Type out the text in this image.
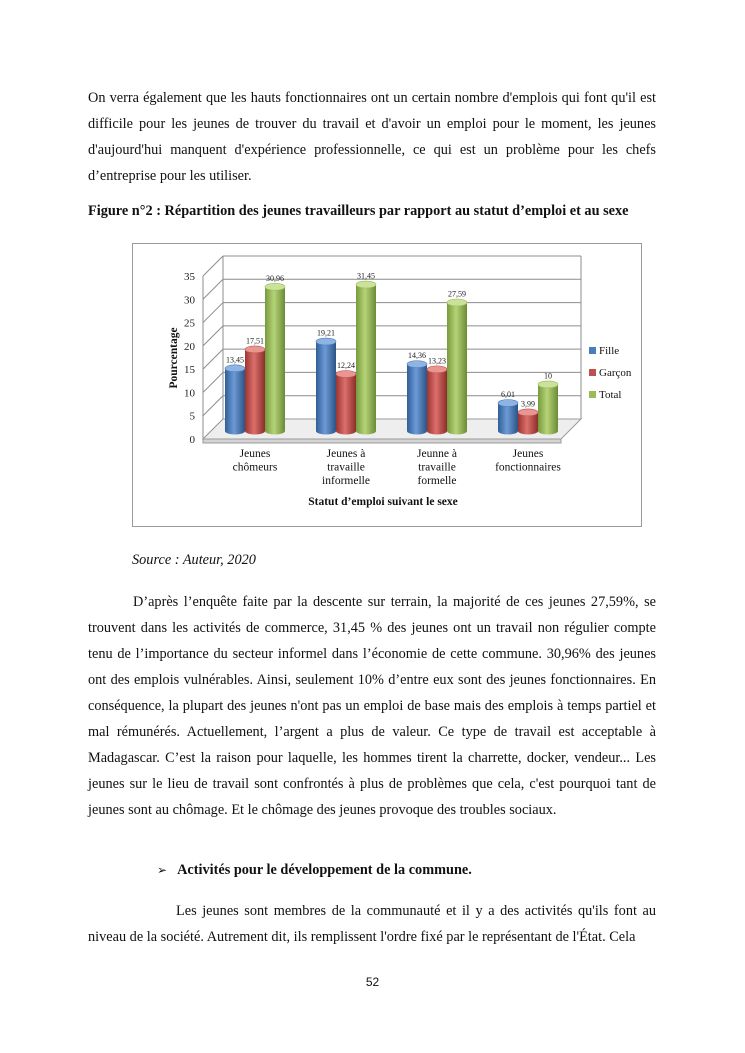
On verra également que les hauts fonctionnaires ont un certain nombre d'emplois qui font qu'il est difficile pour les jeunes de trouver du travail et d'avoir un emploi pour le moment, les jeunes d'aujourd'hui manquent d'expérience professionnelle, ce qui est un problème pour les chefs d’entreprise pour les utiliser.

Figure n°2 : Répartition des jeunes travailleurs par rapport au statut d’emploi et au sexe

13,45
17,51
30,96
19,21
12,24
31,45
14,36
13,23
27,59
6,01
3,99
10
0
5
10
15
20
25
30
35
Jeunes chômeurs
Jeunes à travaille informelle
Jeunne à travaille formelle
Jeunes fonctionnaires
Pourcentage
Statut d’emploi suivant le sexe
Fille
Garçon
Total

Source : Auteur, 2020

D’après l’enquête faite par la descente sur terrain, la majorité de ces jeunes 27,59%, se trouvent dans les activités de commerce, 31,45 % des jeunes ont un travail non régulier compte tenu de l’importance du secteur informel dans l’économie de cette commune. 30,96% des jeunes ont des emplois vulnérables. Ainsi, seulement 10% d’entre eux sont des jeunes fonctionnaires. En conséquence, la plupart des jeunes n'ont pas un emploi de base mais des emplois à temps partiel et mal rémunérés. Actuellement, l’argent a plus de valeur. Ce type de travail est acceptable à Madagascar. C’est la raison pour laquelle, les hommes tirent la charrette, docker, vendeur... Les jeunes sur le lieu de travail sont confrontés à plus de problèmes que cela, c'est pourquoi tant de jeunes sont au chômage. Et le chômage des jeunes provoque des troubles sociaux.

➢ Activités pour le développement de la commune.

Les jeunes sont membres de la communauté et il y a des activités qu'ils font au niveau de la société. Autrement dit, ils remplissent l'ordre fixé par le représentant de l'État. Cela

52
